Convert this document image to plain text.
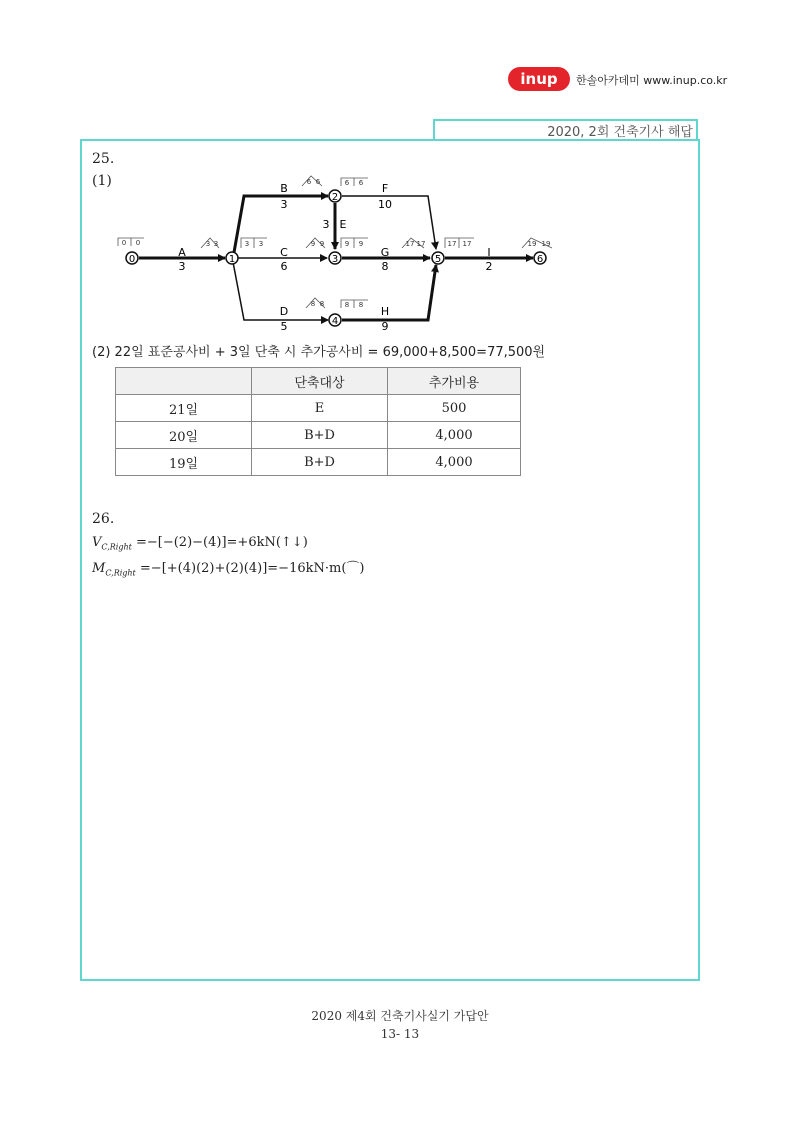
inup	한솔아카데미 www.inup.co.kr
2020, 2회 건축기사 해답
25.
(1)
0	1
2
3
4
5	6
A
3
B
3
C
6
D
5
3 E
F
10
G
8
H
9
I
2
0 0	3 3	3 3
6 6	6 6
9 9	9 9
8 8	8 8
17 17	17 17	19 19
(2) 22일 표준공사비 + 3일 단축 시 추가공사비 = 69,000+8,500=77,500원
	단축대상	추가비용
21일	E	500
20일	B+D	4,000
19일	B+D	4,000
26.
$V_{C,Right}$ =−[−(2)−(4)]=+6kN(↑↓)
$M_{C,Right}$ =−[+(4)(2)+(2)(4)]=−16kN·m(⌒)
2020 제4회 건축기사실기 가답안
13- 13
